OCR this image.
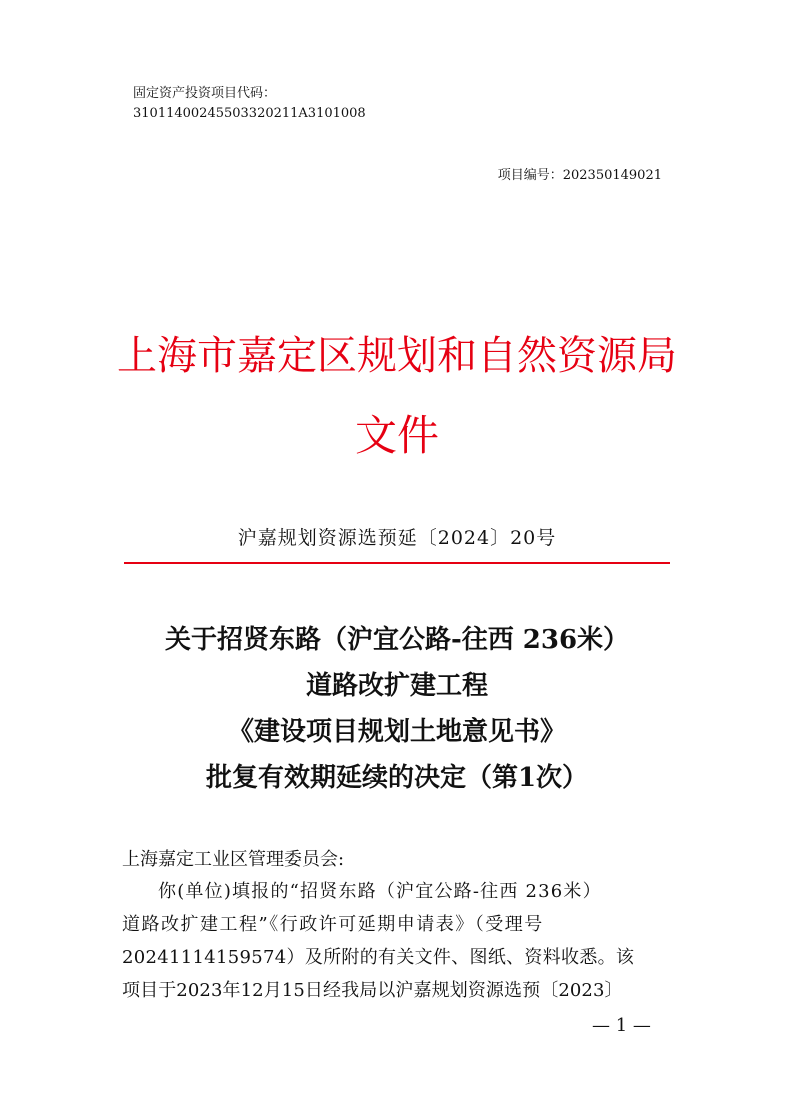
固定资产投资项目代码：
31011400245503320211A3101008
项目编号：202350149021
上海市嘉定区规划和自然资源局
文件
沪嘉规划资源选预延〔2024〕20号
关于招贤东路（沪宜公路-往西 236米）
道路改扩建工程
《建设项目规划土地意见书》
批复有效期延续的决定（第1次）
上海嘉定工业区管理委员会:
你(单位)填报的“招贤东路（沪宜公路-往西 236米）
道路改扩建工程”《行政许可延期申请表》（受理号
20241114159574）及所附的有关文件、图纸、资料收悉。该
项目于2023年12月15日经我局以沪嘉规划资源选预〔2023〕
— 1 —
